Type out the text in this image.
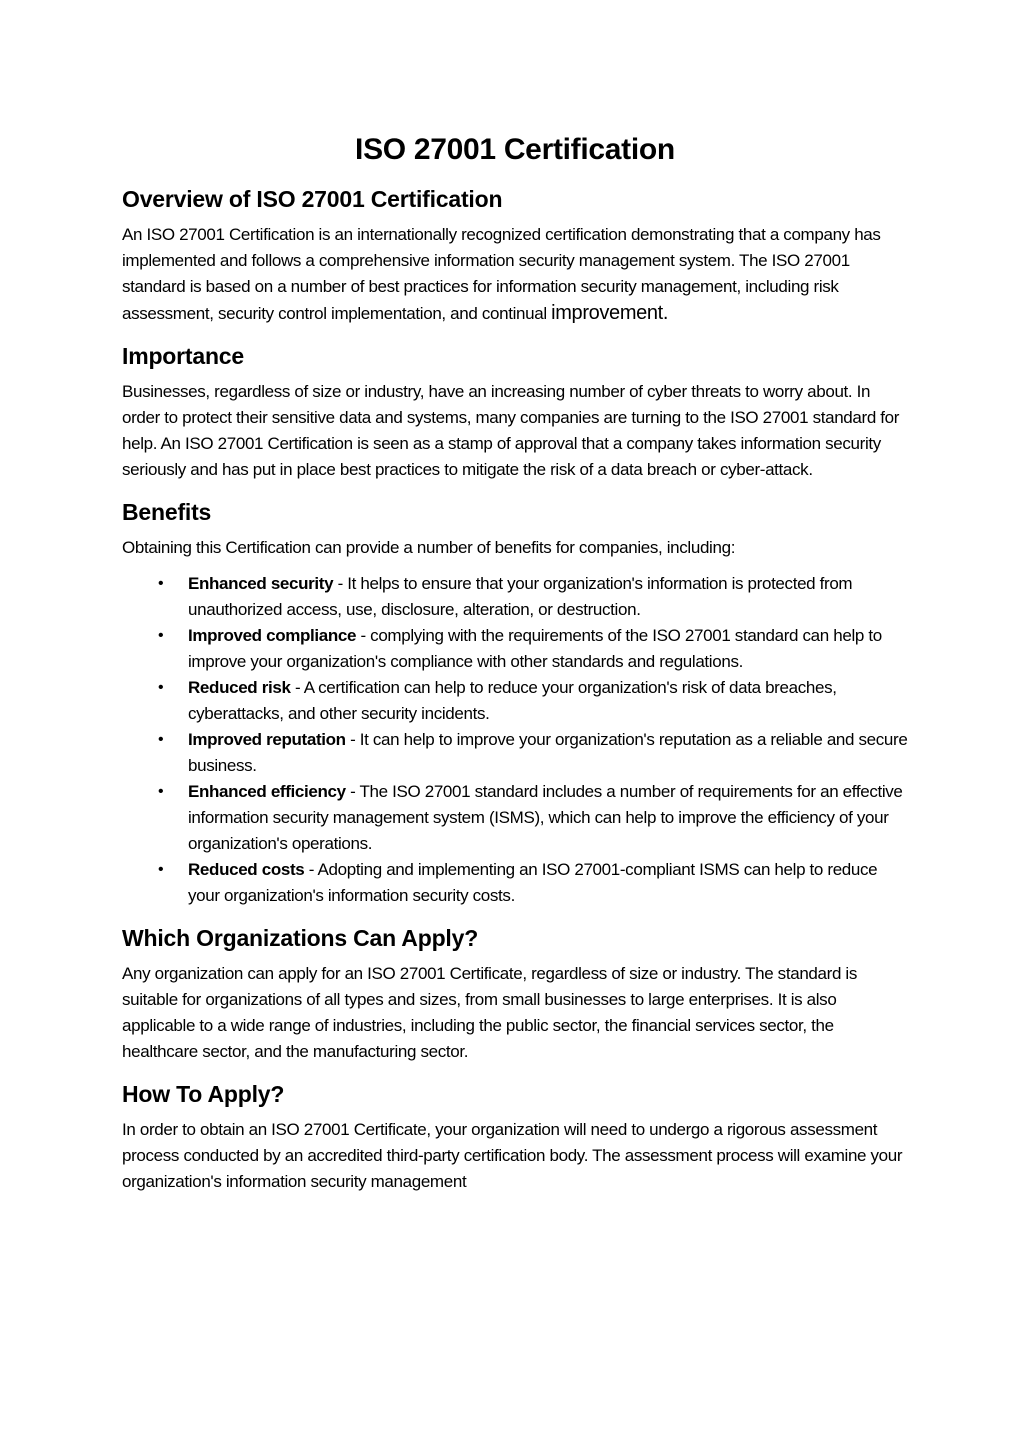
ISO 27001 Certification
Overview of ISO 27001 Certification

An ISO 27001 Certification is an internationally recognized certification demonstrating that a company has implemented and follows a comprehensive information security management system. The ISO 27001 standard is based on a number of best practices for information security management, including risk assessment, security control implementation, and continual improvement.

Importance

Businesses, regardless of size or industry, have an increasing number of cyber threats to worry about. In order to protect their sensitive data and systems, many companies are turning to the ISO 27001 standard for help. An ISO 27001 Certification is seen as a stamp of approval that a company takes information security seriously and has put in place best practices to mitigate the risk of a data breach or cyber-attack.

Benefits

Obtaining this Certification can provide a number of benefits for companies, including:

• Enhanced security - It helps to ensure that your organization's information is protected from unauthorized access, use, disclosure, alteration, or destruction.
• Improved compliance - complying with the requirements of the ISO 27001 standard can help to improve your organization's compliance with other standards and regulations.
• Reduced risk - A certification can help to reduce your organization's risk of data breaches, cyberattacks, and other security incidents.
• Improved reputation - It can help to improve your organization's reputation as a reliable and secure business.
• Enhanced efficiency - The ISO 27001 standard includes a number of requirements for an effective information security management system (ISMS), which can help to improve the efficiency of your organization's operations.
• Reduced costs - Adopting and implementing an ISO 27001-compliant ISMS can help to reduce your organization's information security costs.
Which Organizations Can Apply?

Any organization can apply for an ISO 27001 Certificate, regardless of size or industry. The standard is suitable for organizations of all types and sizes, from small businesses to large enterprises. It is also applicable to a wide range of industries, including the public sector, the financial services sector, the healthcare sector, and the manufacturing sector.

How To Apply?

In order to obtain an ISO 27001 Certificate, your organization will need to undergo a rigorous assessment process conducted by an accredited third-party certification body. The assessment process will examine your organization's information security management
